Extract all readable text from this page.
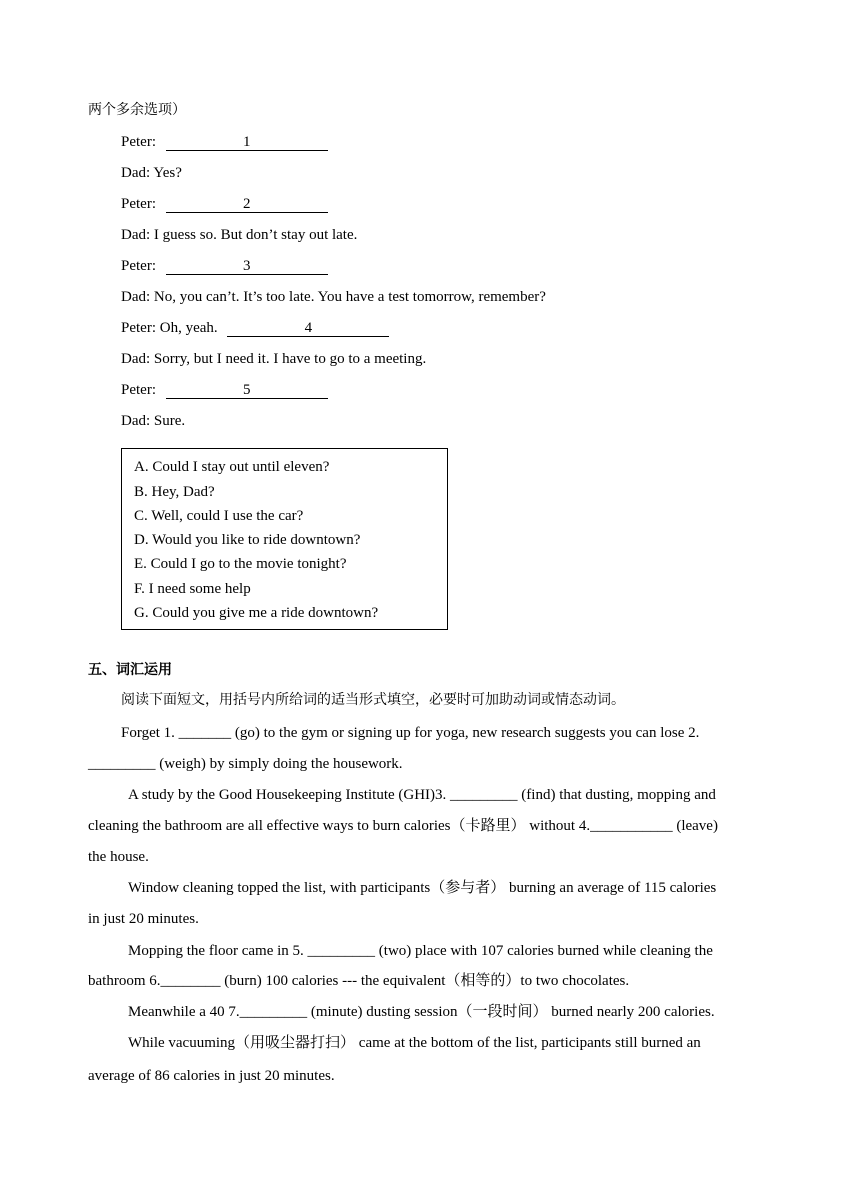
两个多余选项）
Peter:	1
Dad: Yes?
Peter:	2
Dad: I guess so. But don’t stay out late.
Peter:	3
Dad: No, you can’t. It’s too late. You have a test tomorrow, remember?
Peter: Oh, yeah.	4
Dad: Sorry, but I need it. I have to go to a meeting.
Peter:	5
Dad: Sure.
A. Could I stay out until eleven?
B. Hey, Dad?
C. Well, could I use the car?
D. Would you like to ride downtown?
E. Could I go to the movie tonight?
F. I need some help
G. Could you give me a ride downtown?
五、词汇运用
阅读下面短文，用括号内所给词的适当形式填空，必要时可加助动词或情态动词。
Forget 1. _______ (go) to the gym or signing up for yoga, new research suggests you can lose 2.
_________ (weigh) by simply doing the housework.
A study by the Good Housekeeping Institute (GHI)3. _________ (find) that dusting, mopping and
cleaning the bathroom are all effective ways to burn calories（卡路里） without 4.___________ (leave)
the house.
Window cleaning topped the list, with participants（参与者） burning an average of 115 calories
in just 20 minutes.
Mopping the floor came in 5. _________ (two) place with 107 calories burned while cleaning the
bathroom 6.________ (burn) 100 calories --- the equivalent（相等的）to two chocolates.
Meanwhile a 40 7._________ (minute) dusting session（一段时间） burned nearly 200 calories.
While vacuuming（用吸尘器打扫） came at the bottom of the list, participants still burned an
average of 86 calories in just 20 minutes.
